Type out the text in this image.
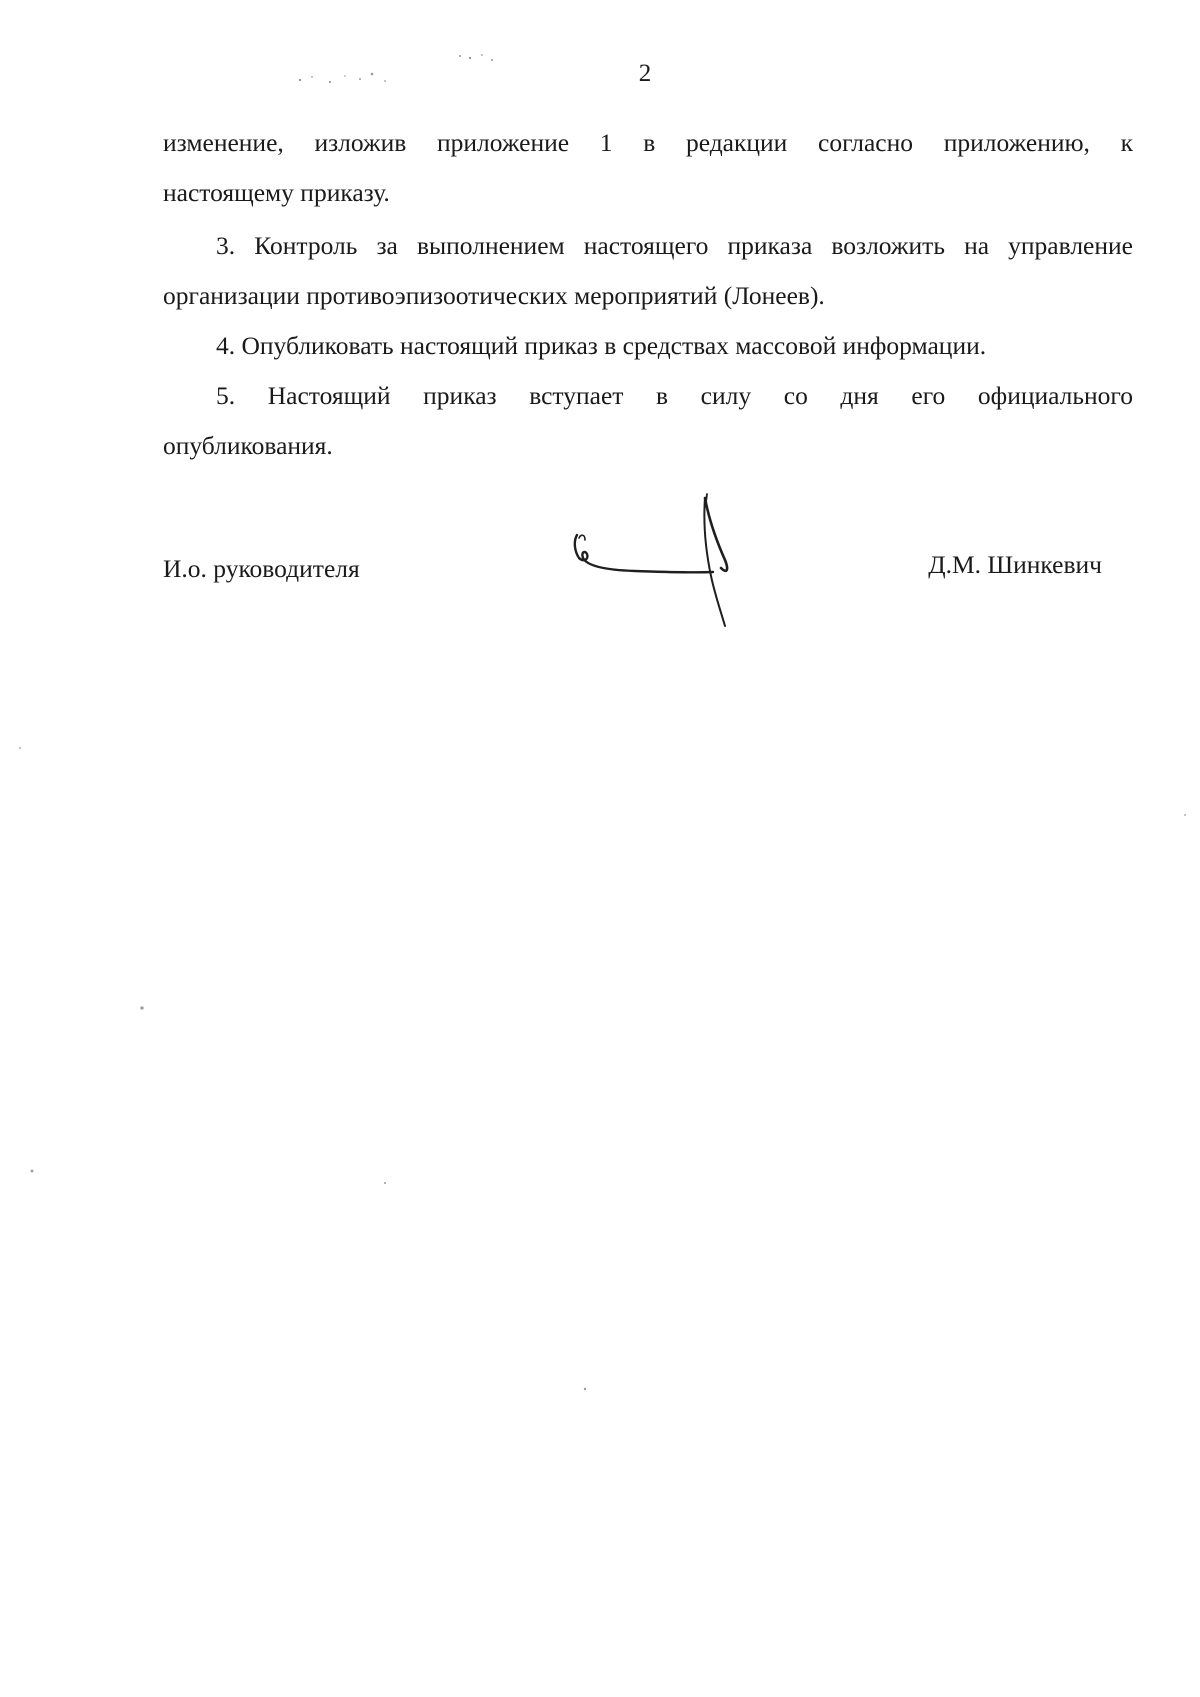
2
изменение, изложив приложение 1 в редакции согласно приложению, к
настоящему приказу.
3. Контроль за выполнением настоящего приказа возложить на управление
организации противоэпизоотических мероприятий (Лонеев).
4. Опубликовать настоящий приказ в средствах массовой информации.
5. Настоящий приказ вступает в силу со дня его официального
опубликования.
И.о. руководителя	Д.М. Шинкевич
